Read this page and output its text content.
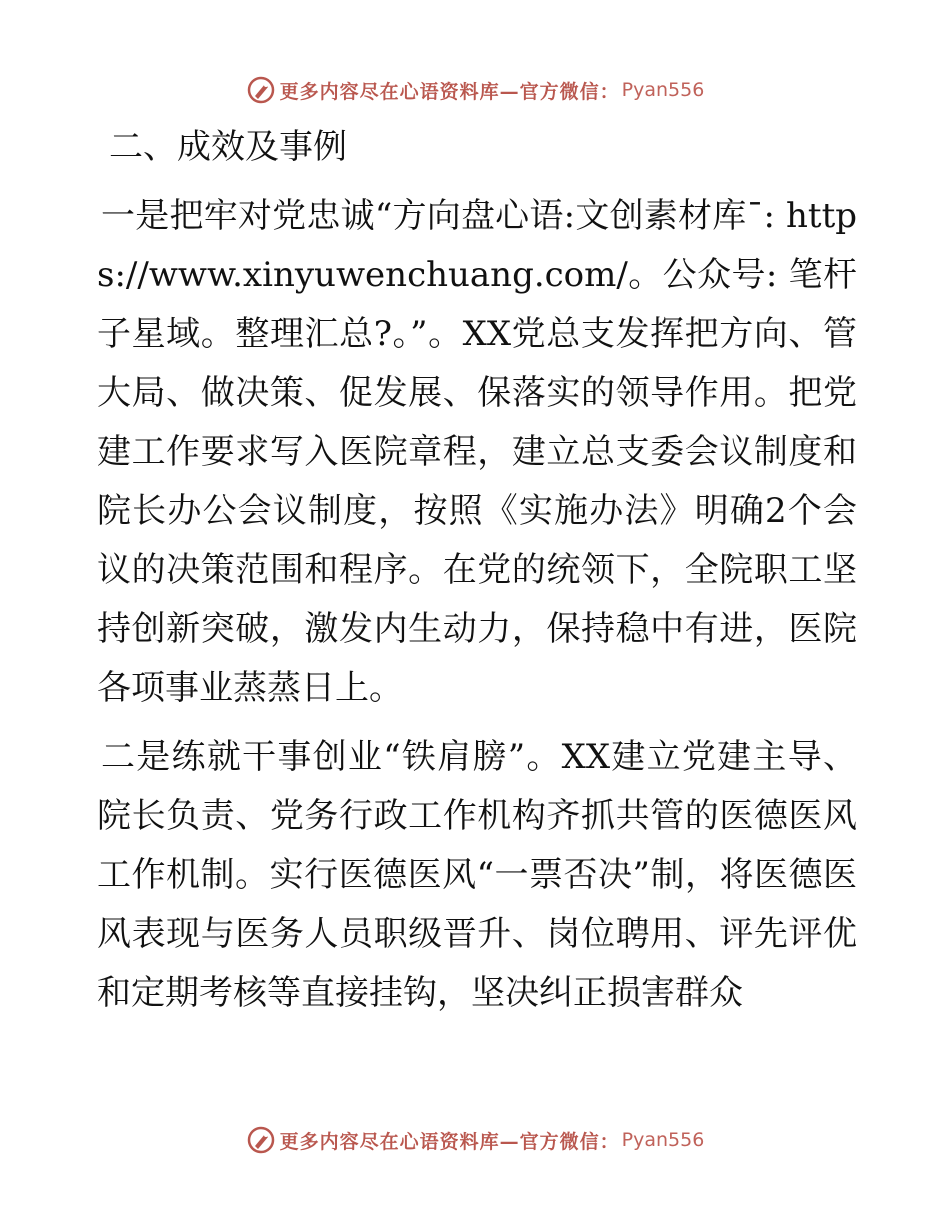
更多内容尽在心语资料库—官方微信： Pyan556

二、成效及事例

一是把牢对党忠诚“方向盘心语:文创素材库¯: https://www.xinyuwenchuang.com/。公众号: 笔杆子星域。整理汇总?。”。XX党总支发挥把方向、管大局、做决策、促发展、保落实的领导作用。把党建工作要求写入医院章程，建立总支委会议制度和院长办公会议制度，按照《实施办法》明确2个会议的决策范围和程序。在党的统领下，全院职工坚持创新突破，激发内生动力，保持稳中有进，医院各项事业蒸蒸日上。

二是练就干事创业“铁肩膀”。XX建立党建主导、院长负责、党务行政工作机构齐抓共管的医德医风工作机制。实行医德医风“一票否决”制，将医德医风表现与医务人员职级晋升、岗位聘用、评先评优和定期考核等直接挂钩，坚决纠正损害群众

更多内容尽在心语资料库—官方微信： Pyan556
